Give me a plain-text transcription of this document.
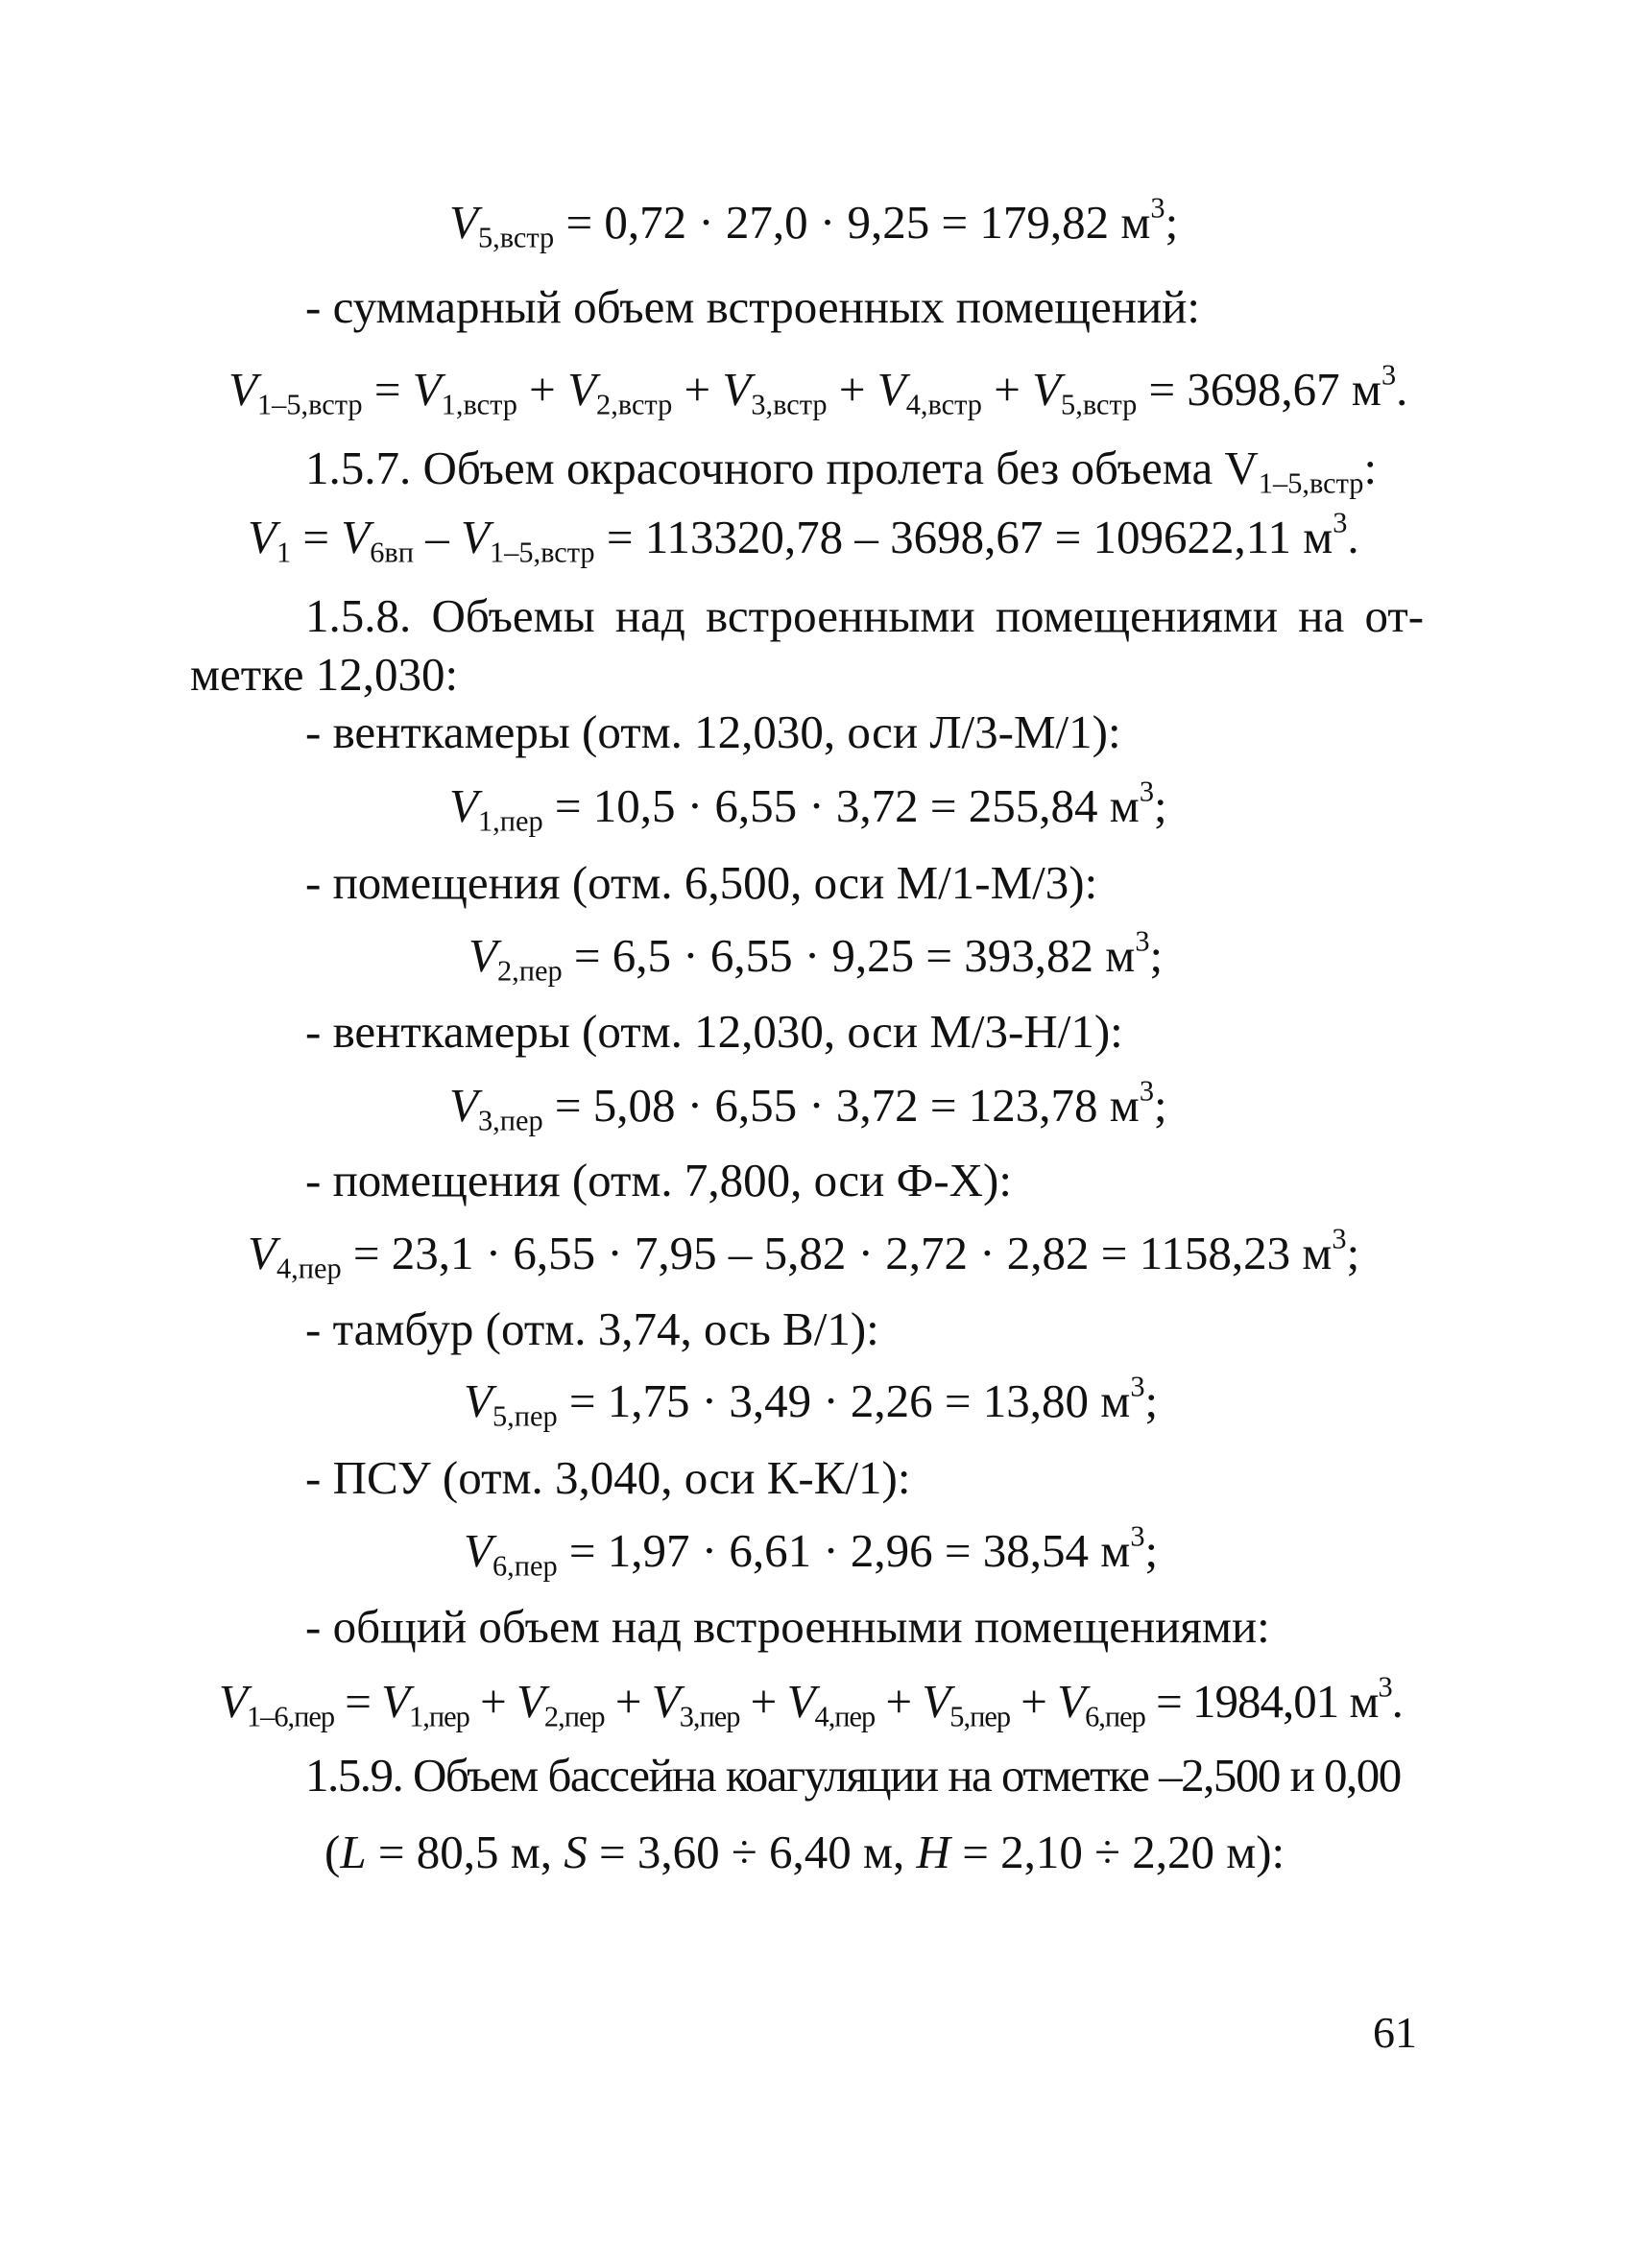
$V_{5,встр} = 0,72 \cdot 27,0 \cdot 9,25 = 179,82$ $м^3$;
- суммарный объем встроенных помещений:
$V_{1-5,встр} = V_{1,встр} + V_{2,встр} + V_{3,встр} + V_{4,встр} + V_{5,встр} = 3698,67$ $м^3$.
1.5.7. Объем окрасочного пролета без объема $V_{1-5,встр}$:
$V_1 = V_{6вп} - V_{1-5,встр} = 113320,78 - 3698,67 = 109622,11$ $м^3$.
1.5.8. Объемы над встроенными помещениями на от-
метке 12,030:
- венткамеры (отм. 12,030, оси Л/3-М/1):
$V_{1,пер} = 10,5 \cdot 6,55 \cdot 3,72 = 255,84$ $м^3$;
- помещения (отм. 6,500, оси М/1-М/3):
$V_{2,пер} = 6,5 \cdot 6,55 \cdot 9,25 = 393,82$ $м^3$;
- венткамеры (отм. 12,030, оси М/3-Н/1):
$V_{3,пер} = 5,08 \cdot 6,55 \cdot 3,72 = 123,78$ $м^3$;
- помещения (отм. 7,800, оси Ф-Х):
$V_{4,пер} = 23,1 \cdot 6,55 \cdot 7,95 - 5,82 \cdot 2,72 \cdot 2,82 = 1158,23$ $м^3$;
- тамбур (отм. 3,74, ось В/1):
$V_{5,пер} = 1,75 \cdot 3,49 \cdot 2,26 = 13,80$ $м^3$;
- ПСУ (отм. 3,040, оси К-К/1):
$V_{6,пер} = 1,97 \cdot 6,61 \cdot 2,96 = 38,54$ $м^3$;
- общий объем над встроенными помещениями:
$V_{1-6,пер} = V_{1,пер} + V_{2,пер} + V_{3,пер} + V_{4,пер} + V_{5,пер} + V_{6,пер} = 1984,01$ $м^3$.
1.5.9. Объем бассейна коагуляции на отметке –2,500 и 0,00
(L = 80,5 м, S = 3,60 ÷ 6,40 м, H = 2,10 ÷ 2,20 м):
61
